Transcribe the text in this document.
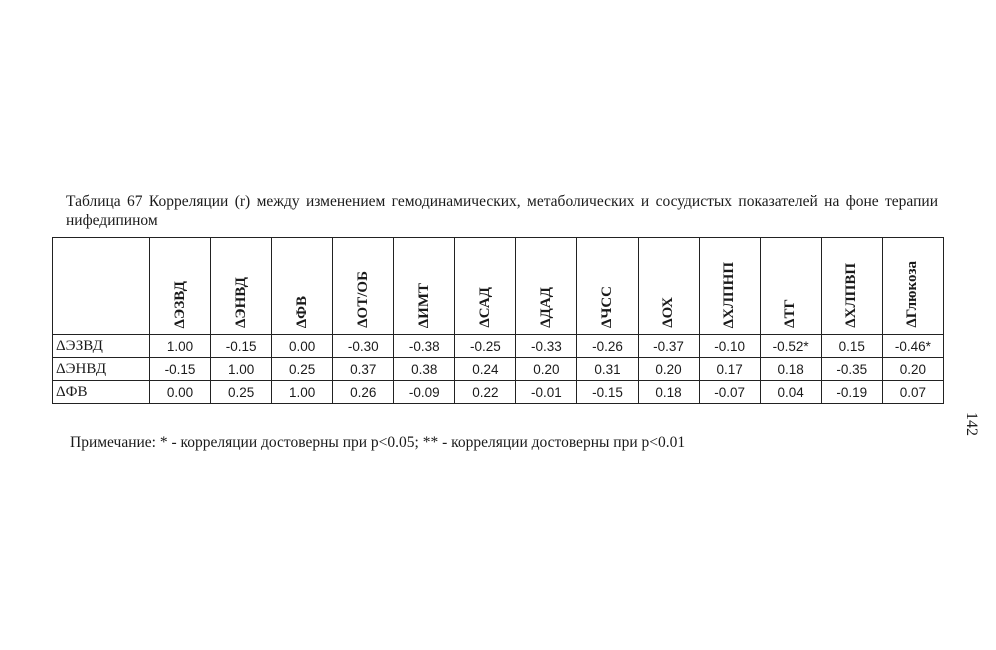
Таблица 67 Корреляции (r) между изменением гемодинамических, метаболических и сосудистых показателей на фоне терапии нифедипином

	ΔЭЗВД	ΔЭНВД	ΔФВ	ΔОТ/ОБ	ΔИМТ	ΔСАД	ΔДАД	ΔЧСС	ΔОХ	ΔХЛПНП	ΔТГ	ΔХЛПВП	ΔГлюкоза

ΔЭЗВД	1.00	-0.15	0.00	-0.30	-0.38	-0.25	-0.33	-0.26	-0.37	-0.10	-0.52*	0.15	-0.46*
ΔЭНВД	-0.15	1.00	0.25	0.37	0.38	0.24	0.20	0.31	0.20	0.17	0.18	-0.35	0.20
ΔФВ	0.00	0.25	1.00	0.26	-0.09	0.22	-0.01	-0.15	0.18	-0.07	0.04	-0.19	0.07

Примечание: * - корреляции достоверны при p<0.05; ** - корреляции достоверны при p<0.01

142
